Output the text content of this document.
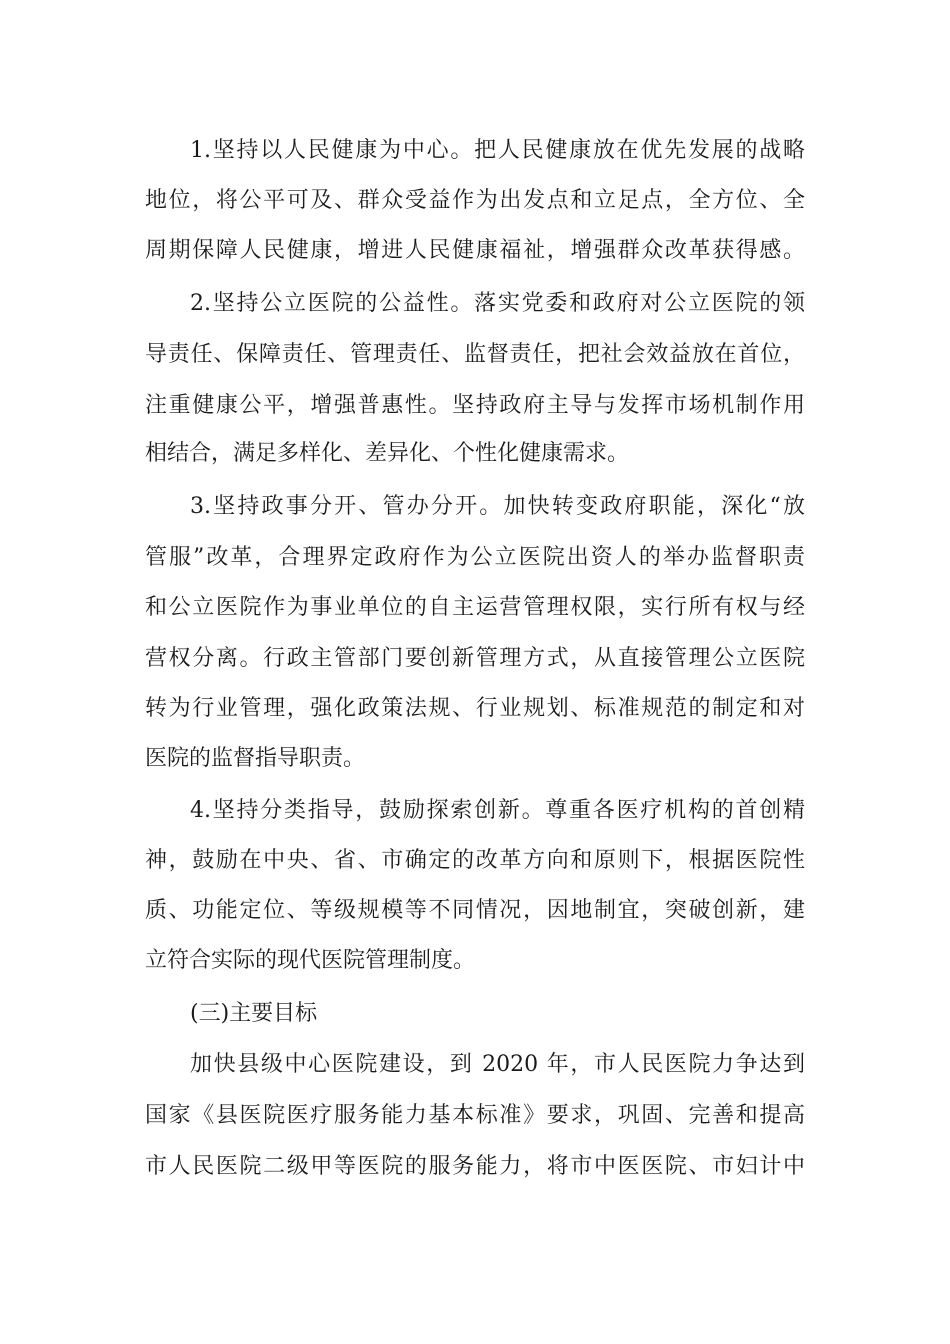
1.坚持以人民健康为中心。把人民健康放在优先发展的战略
地位，将公平可及、群众受益作为出发点和立足点，全方位、全
周期保障人民健康，增进人民健康福祉，增强群众改革获得感。
2.坚持公立医院的公益性。落实党委和政府对公立医院的领
导责任、保障责任、管理责任、监督责任，把社会效益放在首位，
注重健康公平，增强普惠性。坚持政府主导与发挥市场机制作用
相结合，满足多样化、差异化、个性化健康需求。
3.坚持政事分开、管办分开。加快转变政府职能，深化“放
管服”改革，合理界定政府作为公立医院出资人的举办监督职责
和公立医院作为事业单位的自主运营管理权限，实行所有权与经
营权分离。行政主管部门要创新管理方式，从直接管理公立医院
转为行业管理，强化政策法规、行业规划、标准规范的制定和对
医院的监督指导职责。
4.坚持分类指导，鼓励探索创新。尊重各医疗机构的首创精
神，鼓励在中央、省、市确定的改革方向和原则下，根据医院性
质、功能定位、等级规模等不同情况，因地制宜，突破创新，建
立符合实际的现代医院管理制度。
(三)主要目标
加快县级中心医院建设，到 2020 年，市人民医院力争达到
国家《县医院医疗服务能力基本标准》要求，巩固、完善和提高
市人民医院二级甲等医院的服务能力，将市中医医院、市妇计中
